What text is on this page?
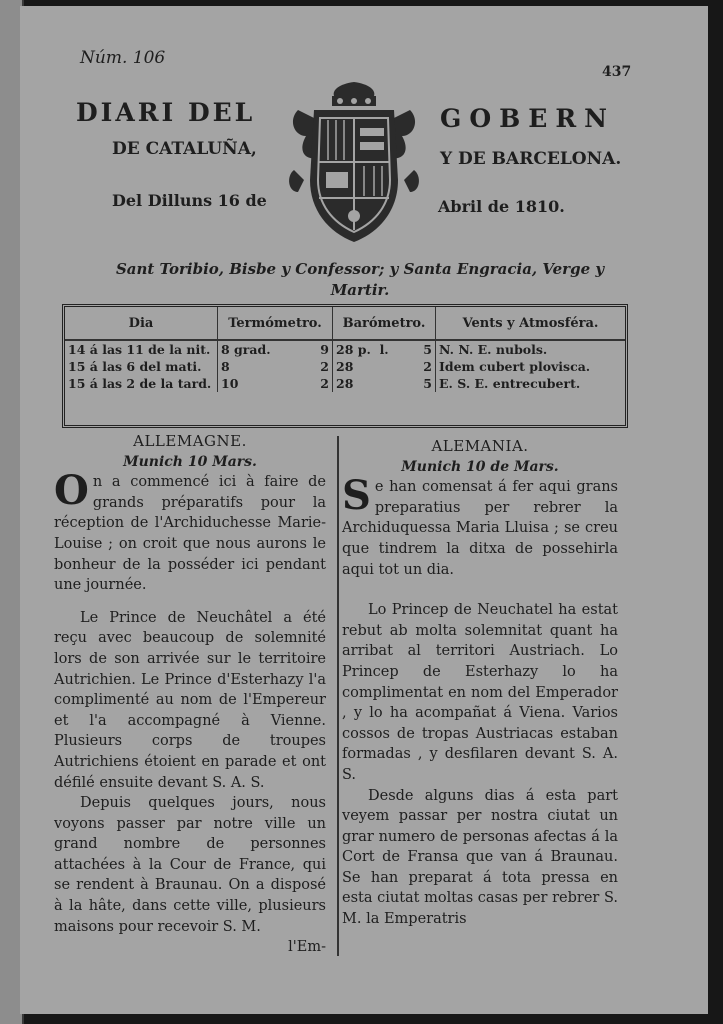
Núm. 106
437
DIARI DEL	GOBERN
DE CATALUÑA,	Y DE BARCELONA.
Del Dilluns 16 de	Abril de 1810.
Sant Toribio, Bisbe y Confessor; y Santa Engracia, Verge y Martir.
Dia	Termómetro.	Barómetro.	Vents y Atmosféra.
14 á las 11 de la nit.	8 grad. 9	28 p. l. 5	N. N. E. nubols.
15 á las 6 del mati.	8 2	28 2	Idem cubert plovisca.
15 á las 2 de la tard.	10 2	28 5	E. S. E. entrecubert.
ALLEMAGNE.
Munich 10 Mars.

On a commencé ici à faire de grands préparatifs pour la réception de l'Archiduchesse Marie-Louise ; on croit que nous aurons le bonheur de la posséder ici pendant une journée.

Le Prince de Neuchâtel a été reçu avec beaucoup de solemnité lors de son arrivée sur le territoire Autrichien. Le Prince d'Esterhazy l'a complimenté au nom de l'Empereur et l'a accompagné à Vienne. Plusieurs corps de troupes Autrichiens étoient en parade et ont défilé ensuite devant S. A. S.

Depuis quelques jours, nous voyons passer par notre ville un grand nombre de personnes attachées à la Cour de France, qui se rendent à Braunau. On a disposé à la hâte, dans cette ville, plusieurs maisons pour recevoir S. M.

l'Em-
ALEMANIA.
Munich 10 de Mars.

Se han comensat á fer aqui grans preparatius per rebrer la Archiduquessa Maria Lluisa ; se creu que tindrem la ditxa de possehirla aqui tot un dia.

Lo Princep de Neuchatel ha estat rebut ab molta solemnitat quant ha arribat al territori Austriach. Lo Princep de Esterhazy lo ha complimentat en nom del Emperador , y lo ha acompañat á Viena. Varios cossos de tropas Austriacas estaban formadas , y desfilaren devant S. A. S.

Desde alguns dias á esta part veyem passar per nostra ciutat un grar numero de personas afectas á la Cort de Fransa que van á Braunau. Se han preparat á tota pressa en esta ciutat moltas casas per rebrer S. M. la Emperatris
